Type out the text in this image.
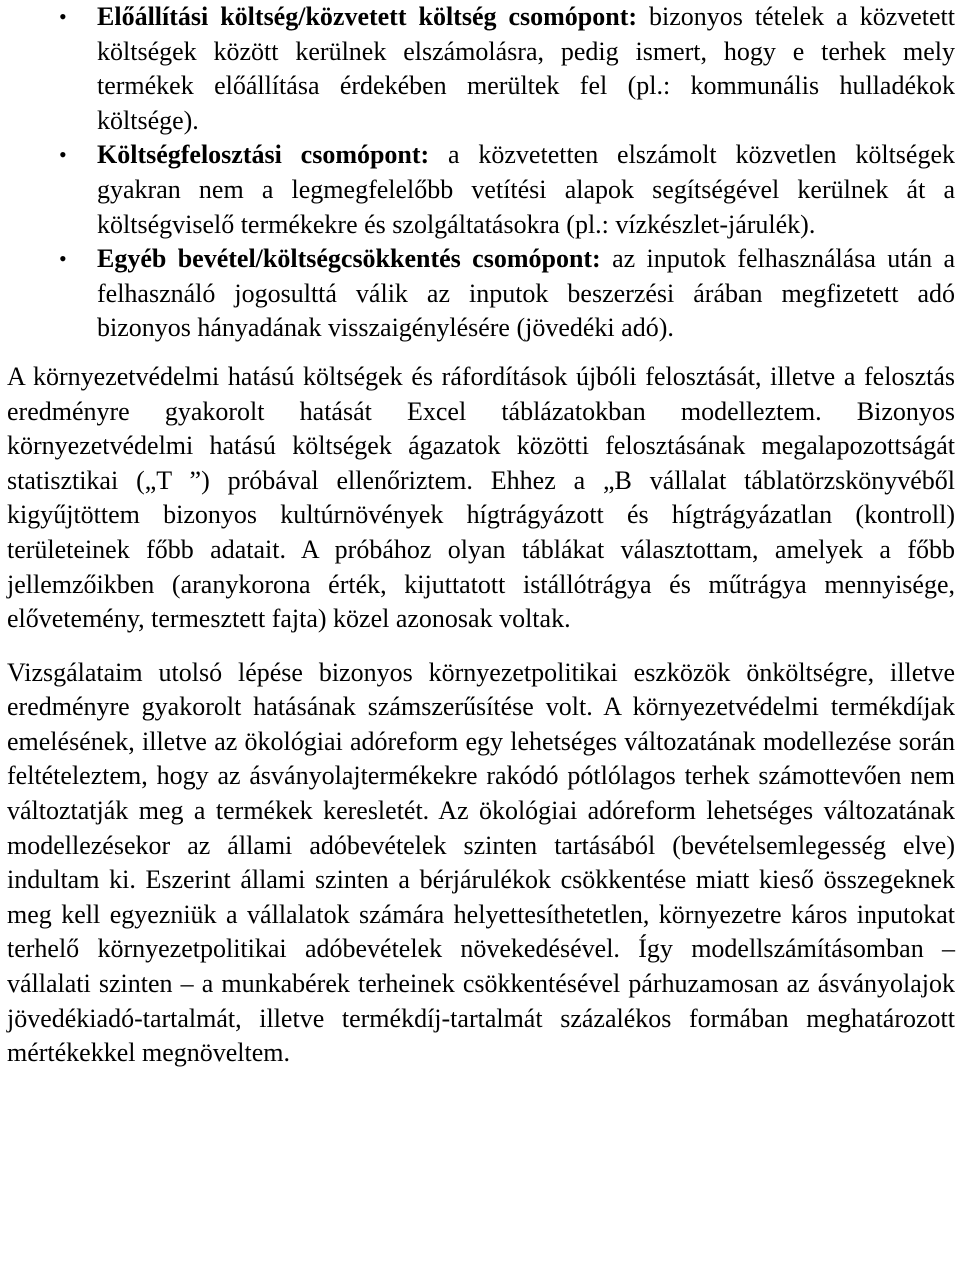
• Előállítási költség/közvetett költség csomópont: bizonyos tételek a közvetett költségek között kerülnek elszámolásra, pedig ismert, hogy e terhek mely termékek előállítása érdekében merültek fel (pl.: kommunális hulladékok költsége).
• Költségfelosztási csomópont: a közvetetten elszámolt közvetlen költségek gyakran nem a legmegfelelőbb vetítési alapok segítségével kerülnek át a költségviselő termékekre és szolgáltatásokra (pl.: vízkészlet-járulék).
• Egyéb bevétel/költségcsökkentés csomópont: az inputok felhasználása után a felhasználó jogosulttá válik az inputok beszerzési árában megfizetett adó bizonyos hányadának visszaigénylésére (jövedéki adó).

A környezetvédelmi hatású költségek és ráfordítások újbóli felosztását, illetve a felosztás eredményre gyakorolt hatását Excel táblázatokban modelleztem. Bizonyos környezetvédelmi hatású költségek ágazatok közötti felosztásának megalapozottságát statisztikai („T ”) próbával ellenőriztem. Ehhez a „B vállalat táblatörzskönyvéből kigyűjtöttem bizonyos kultúrnövények hígtrágyázott és hígtrágyázatlan (kontroll) területeinek főbb adatait. A próbához olyan táblákat választottam, amelyek a főbb jellemzőikben (aranykorona érték, kijuttatott istállótrágya és műtrágya mennyisége, elővetemény, termesztett fajta) közel azonosak voltak.

Vizsgálataim utolsó lépése bizonyos környezetpolitikai eszközök önköltségre, illetve eredményre gyakorolt hatásának számszerűsítése volt. A környezetvédelmi termékdíjak emelésének, illetve az ökológiai adóreform egy lehetséges változatának modellezése során feltételeztem, hogy az ásványolajtermékekre rakódó pótlólagos terhek számottevően nem változtatják meg a termékek keresletét. Az ökológiai adóreform lehetséges változatának modellezésekor az állami adóbevételek szinten tartásából (bevételsemlegesség elve) indultam ki. Eszerint állami szinten a bérjárulékok csökkentése miatt kieső összegeknek meg kell egyezniük a vállalatok számára helyettesíthetetlen, környezetre káros inputokat terhelő környezetpolitikai adóbevételek növekedésével. Így modellszámításomban – vállalati szinten – a munkabérek terheinek csökkentésével párhuzamosan az ásványolajok jövedékiadó-tartalmát, illetve termékdíj-tartalmát százalékos formában meghatározott mértékekkel megnöveltem.
